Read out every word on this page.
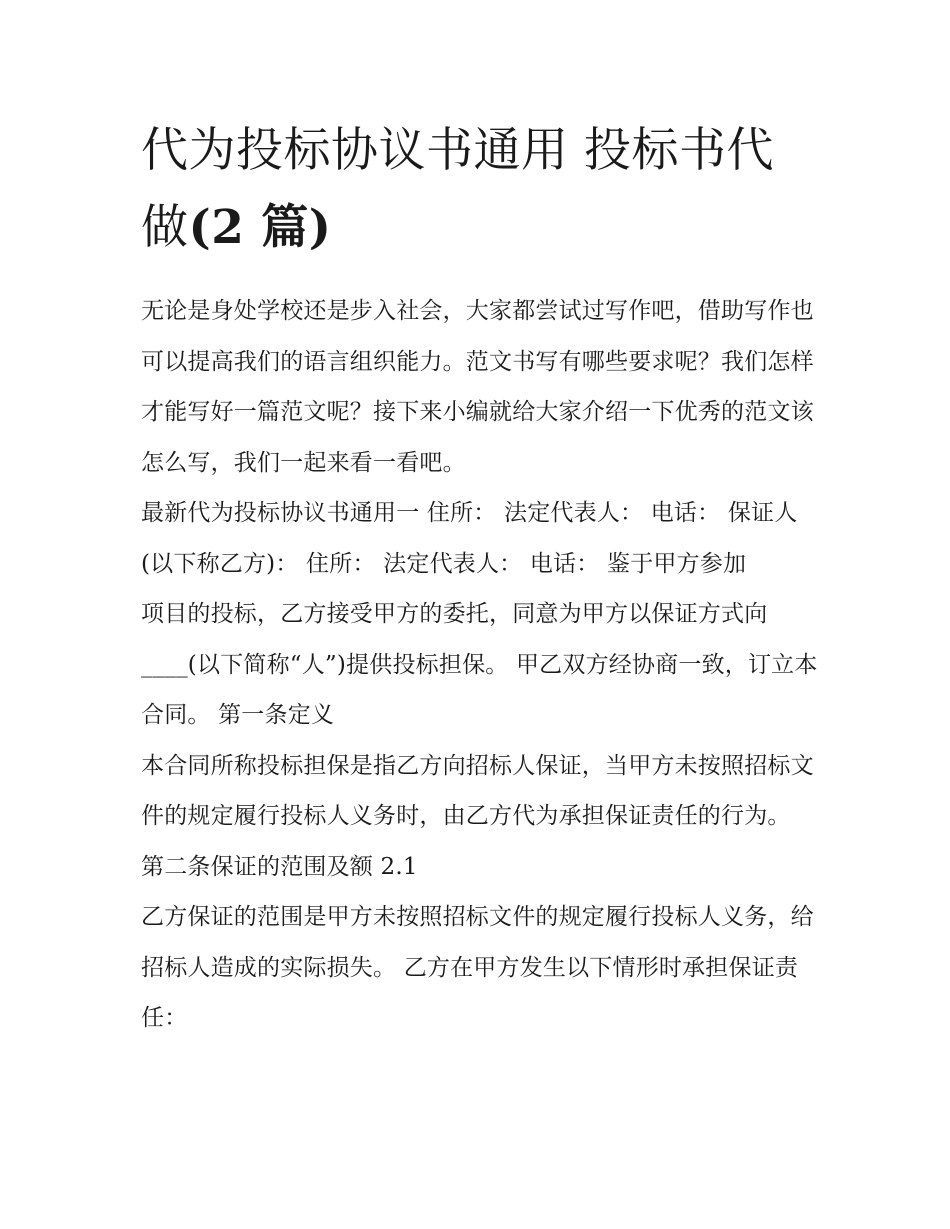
代为投标协议书通用 投标书代做(2 篇)

无论是身处学校还是步入社会，大家都尝试过写作吧，借助写作也可以提高我们的语言组织能力。范文书写有哪些要求呢？我们怎样才能写好一篇范文呢？接下来小编就给大家介绍一下优秀的范文该怎么写，我们一起来看一看吧。

最新代为投标协议书通用一 住所： 法定代表人： 电话： 保证人(以下称乙方)： 住所： 法定代表人： 电话： 鉴于甲方参加

项目的投标，乙方接受甲方的委托，同意为甲方以保证方式向____(以下简称“人”)提供投标担保。 甲乙双方经协商一致，订立本合同。 第一条定义

本合同所称投标担保是指乙方向招标人保证，当甲方未按照招标文件的规定履行投标人义务时，由乙方代为承担保证责任的行为。 第二条保证的范围及额 2.1

乙方保证的范围是甲方未按照招标文件的规定履行投标人义务，给招标人造成的实际损失。 乙方在甲方发生以下情形时承担保证责任：
